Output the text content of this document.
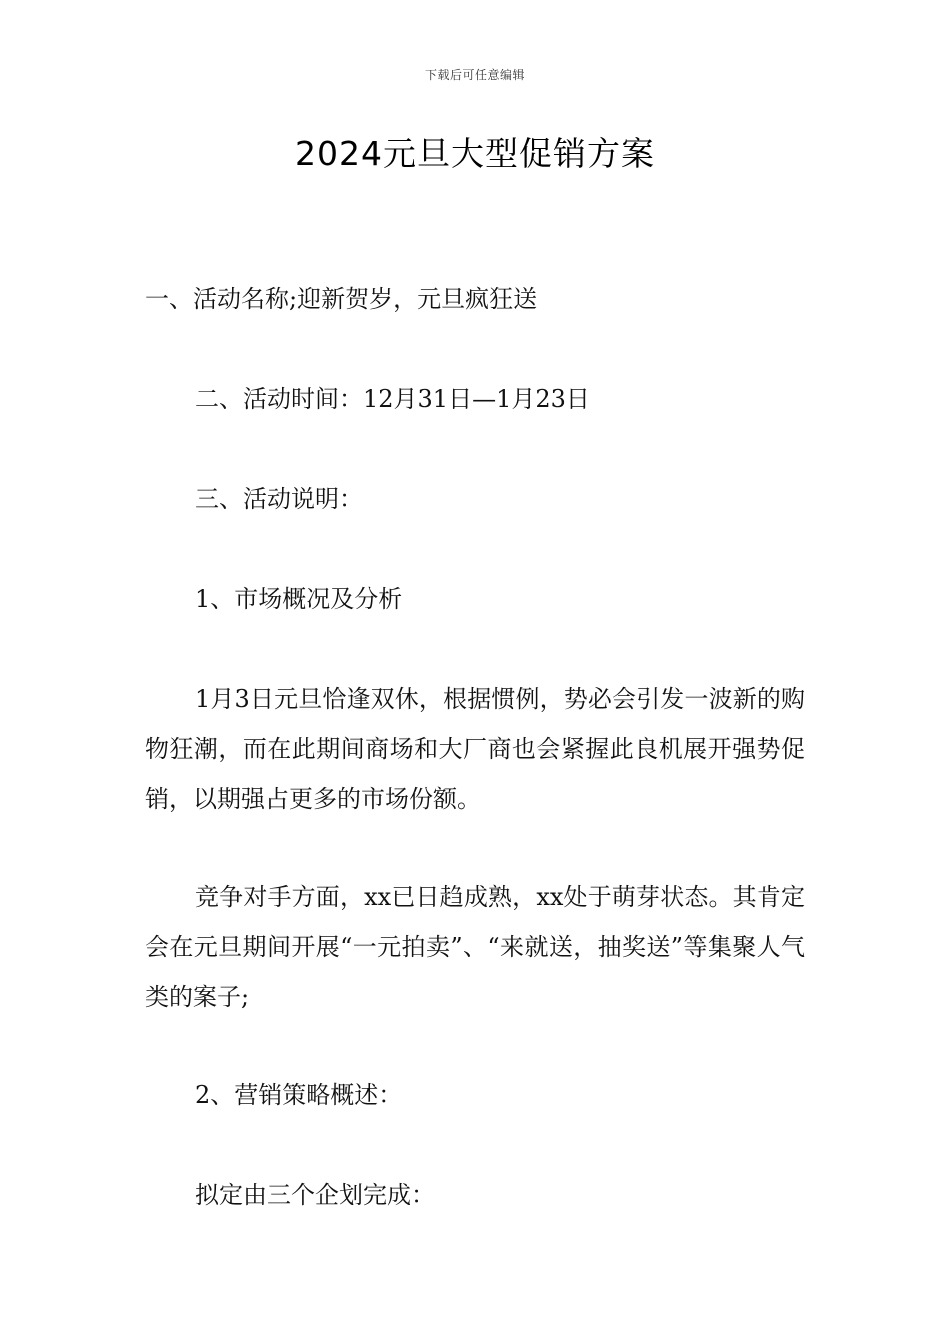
下载后可任意编辑
2024元旦大型促销方案

一、活动名称;迎新贺岁，元旦疯狂送

二、活动时间：12月31日—1月23日

三、活动说明：

1、市场概况及分析

1月3日元旦恰逢双休，根据惯例，势必会引发一波新的购物狂潮，而在此期间商场和大厂商也会紧握此良机展开强势促销，以期强占更多的市场份额。

竞争对手方面，xx已日趋成熟，xx处于萌芽状态。其肯定会在元旦期间开展“一元拍卖”、“来就送，抽奖送”等集聚人气类的案子;

2、营销策略概述：

拟定由三个企划完成：
